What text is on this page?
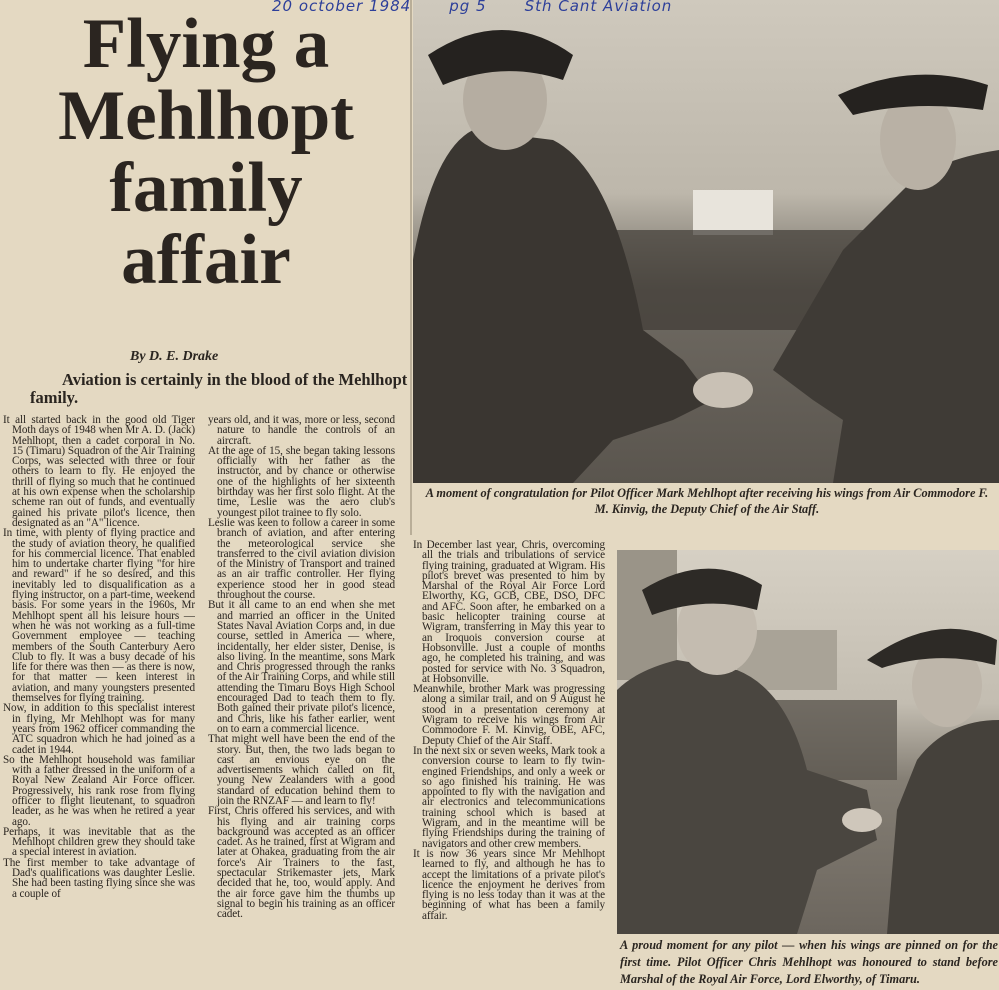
Flying a
Mehlhopt
family
affair
By D. E. Drake
Aviation is certainly in the blood of the Mehlhopt family.

It all started back in the good old Tiger Moth days of 1948 when Mr A. D. (Jack) Mehlhopt, then a cadet corporal in No. 15 (Timaru) Squadron of the Air Training Corps, was selected with three or four others to learn to fly. He enjoyed the thrill of flying so much that he continued at his own expense when the scholarship scheme ran out of funds, and eventually gained his private pilot's licence, then designated as an "A" licence.

In time, with plenty of flying practice and the study of aviation theory, he qualified for his commercial licence. That enabled him to undertake charter flying "for hire and reward" if he so desired, and this inevitably led to disqualification as a flying instructor, on a part-time, weekend basis. For some years in the 1960s, Mr Mehlhopt spent all his leisure hours — when he was not working as a full-time Government employee — teaching members of the South Canterbury Aero Club to fly. It was a busy decade of his life for there was then — as there is now, for that matter — keen interest in aviation, and many youngsters presented themselves for flying training.

Now, in addition to this specialist interest in flying, Mr Mehlhopt was for many years from 1962 officer commanding the ATC squadron which he had joined as a cadet in 1944.

So the Mehlhopt household was familiar with a father dressed in the uniform of a Royal New Zealand Air Force officer. Progressively, his rank rose from flying officer to flight lieutenant, to squadron leader, as he was when he retired a year ago.

Perhaps, it was inevitable that as the Mehlhopt children grew they should take a special interest in aviation.

The first member to take advantage of Dad's qualifications was daughter Leslie. She had been tasting flying since she was a couple of

years old, and it was, more or less, second nature to handle the controls of an aircraft.

At the age of 15, she began taking lessons officially with her father as the instructor, and by chance or otherwise one of the highlights of her sixteenth birthday was her first solo flight. At the time, Leslie was the aero club's youngest pilot trainee to fly solo.

Leslie was keen to follow a career in some branch of aviation, and after entering the meteorological service she transferred to the civil aviation division of the Ministry of Transport and trained as an air traffic controller. Her flying experience stood her in good stead throughout the course.

But it all came to an end when she met and married an officer in the United States Naval Aviation Corps and, in due course, settled in America — where, incidentally, her elder sister, Denise, is also living. In the meantime, sons Mark and Chris progressed through the ranks of the Air Training Corps, and while still attending the Timaru Boys High School encouraged Dad to teach them to fly. Both gained their private pilot's licence, and Chris, like his father earlier, went on to earn a commercial licence.

That might well have been the end of the story. But, then, the two lads began to cast an envious eye on the advertisements which called on fit, young New Zealanders with a good standard of education behind them to join the RNZAF — and learn to fly!

First, Chris offered his services, and with his flying and air training corps background was accepted as an officer cadet. As he trained, first at Wigram and later at Ohakea, graduating from the air force's Air Trainers to the fast, spectacular Strikemaster jets, Mark decided that he, too, would apply. And the air force gave him the thumbs up signal to begin his training as an officer cadet.

In December last year, Chris, overcoming all the trials and tribulations of service flying training, graduated at Wigram. His pilot's brevet was presented to him by Marshal of the Royal Air Force Lord Elworthy, KG, GCB, CBE, DSO, DFC and AFC. Soon after, he embarked on a basic helicopter training course at Wigram, transferring in May this year to an Iroquois conversion course at Hobsonville. Just a couple of months ago, he completed his training, and was posted for service with No. 3 Squadron, at Hobsonville.

Meanwhile, brother Mark was progressing along a similar trail, and on 9 August he stood in a presentation ceremony at Wigram to receive his wings from Air Commodore F. M. Kinvig, OBE, AFC, Deputy Chief of the Air Staff.

In the next six or seven weeks, Mark took a conversion course to learn to fly twin-engined Friendships, and only a week or so ago finished his training. He was appointed to fly with the navigation and air electronics and telecommunications training school which is based at Wigram, and in the meantime will be flying Friendships during the training of navigators and other crew members.

It is now 36 years since Mr Mehlhopt learned to fly, and although he has to accept the limitations of a private pilot's licence the enjoyment he derives from flying is no less today than it was at the beginning of what has been a family affair.

A moment of congratulation for Pilot Officer Mark Mehlhopt after receiving his wings from Air Commodore F. M. Kinvig, the Deputy Chief of the Air Staff.
A proud moment for any pilot — when his wings are pinned on for the first time. Pilot Officer Chris Mehlhopt was honoured to stand before Marshal of the Royal Air Force, Lord Elworthy, of Timaru.
20 october 1984	pg 5	Sth Cant Aviation
